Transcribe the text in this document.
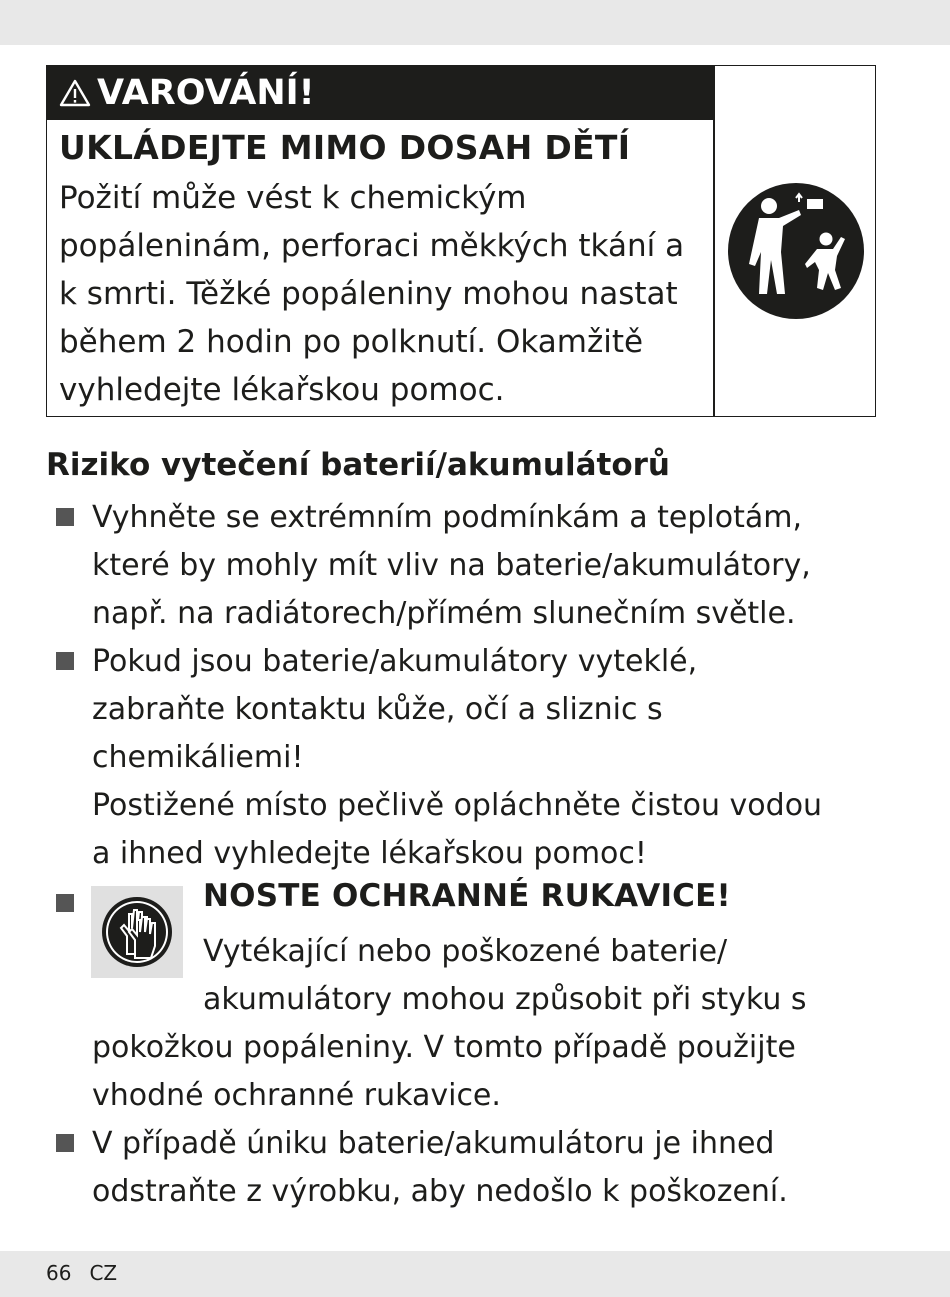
VAROVÁNÍ!
UKLÁDEJTE MIMO DOSAH DĚTÍ
Požití může vést k chemickým
popáleninám, perforaci měkkých tkání a
k smrti. Těžké popáleniny mohou nastat
během 2 hodin po polknutí. Okamžitě
vyhledejte lékařskou pomoc.
Riziko vytečení baterií/akumulátorů
Vyhněte se extrémním podmínkám a teplotám,
které by mohly mít vliv na baterie/akumulátory,
např. na radiátorech/přímém slunečním světle.
Pokud jsou baterie/akumulátory vyteklé,
zabraňte kontaktu kůže, očí a sliznic s
chemikáliemi!
Postižené místo pečlivě opláchněte čistou vodou
a ihned vyhledejte lékařskou pomoc!
NOSTE OCHRANNÉ RUKAVICE!
Vytékající nebo poškozené baterie/
akumulátory mohou způsobit při styku s
pokožkou popáleniny. V tomto případě použijte
vhodné ochranné rukavice.
V případě úniku baterie/akumulátoru je ihned
odstraňte z výrobku, aby nedošlo k poškození.
66 CZ
